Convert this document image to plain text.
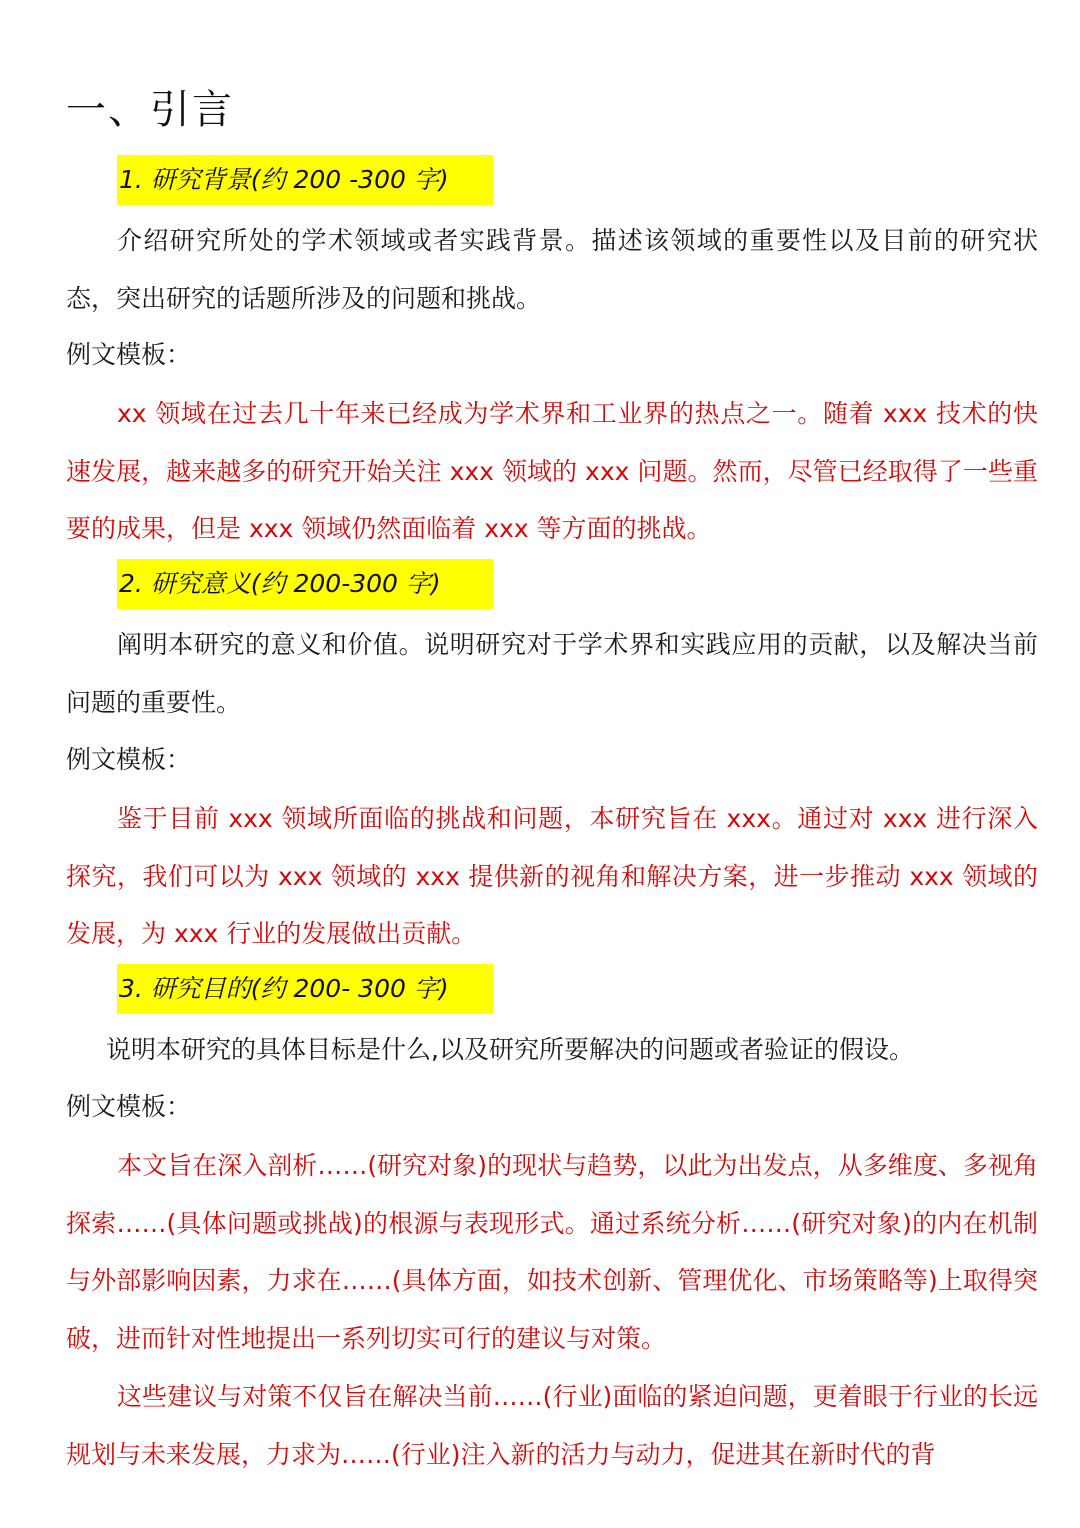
一、引言
1. 研究背景(约 200 -300 字)

介绍研究所处的学术领域或者实践背景。描述该领域的重要性以及目前的研究状态，突出研究的话题所涉及的问题和挑战。

例文模板：

xx 领域在过去几十年来已经成为学术界和工业界的热点之一。随着 xxx 技术的快速发展，越来越多的研究开始关注 xxx 领域的 xxx 问题。然而，尽管已经取得了一些重要的成果，但是 xxx 领域仍然面临着 xxx 等方面的挑战。

2. 研究意义(约 200-300 字)

阐明本研究的意义和价值。说明研究对于学术界和实践应用的贡献，以及解决当前问题的重要性。

例文模板：

鉴于目前 xxx 领域所面临的挑战和问题，本研究旨在 xxx。通过对 xxx 进行深入探究，我们可以为 xxx 领域的 xxx 提供新的视角和解决方案，进一步推动 xxx 领域的发展，为 xxx 行业的发展做出贡献。

3. 研究目的(约 200- 300 字)

说明本研究的具体目标是什么,以及研究所要解决的问题或者验证的假设。

例文模板：

本文旨在深入剖析……(研究对象)的现状与趋势，以此为出发点，从多维度、多视角探索……(具体问题或挑战)的根源与表现形式。通过系统分析……(研究对象)的内在机制与外部影响因素，力求在……(具体方面，如技术创新、管理优化、市场策略等)上取得突破，进而针对性地提出一系列切实可行的建议与对策。

这些建议与对策不仅旨在解决当前……(行业)面临的紧迫问题，更着眼于行业的长远规划与未来发展，力求为……(行业)注入新的活力与动力，促进其在新时代的背
